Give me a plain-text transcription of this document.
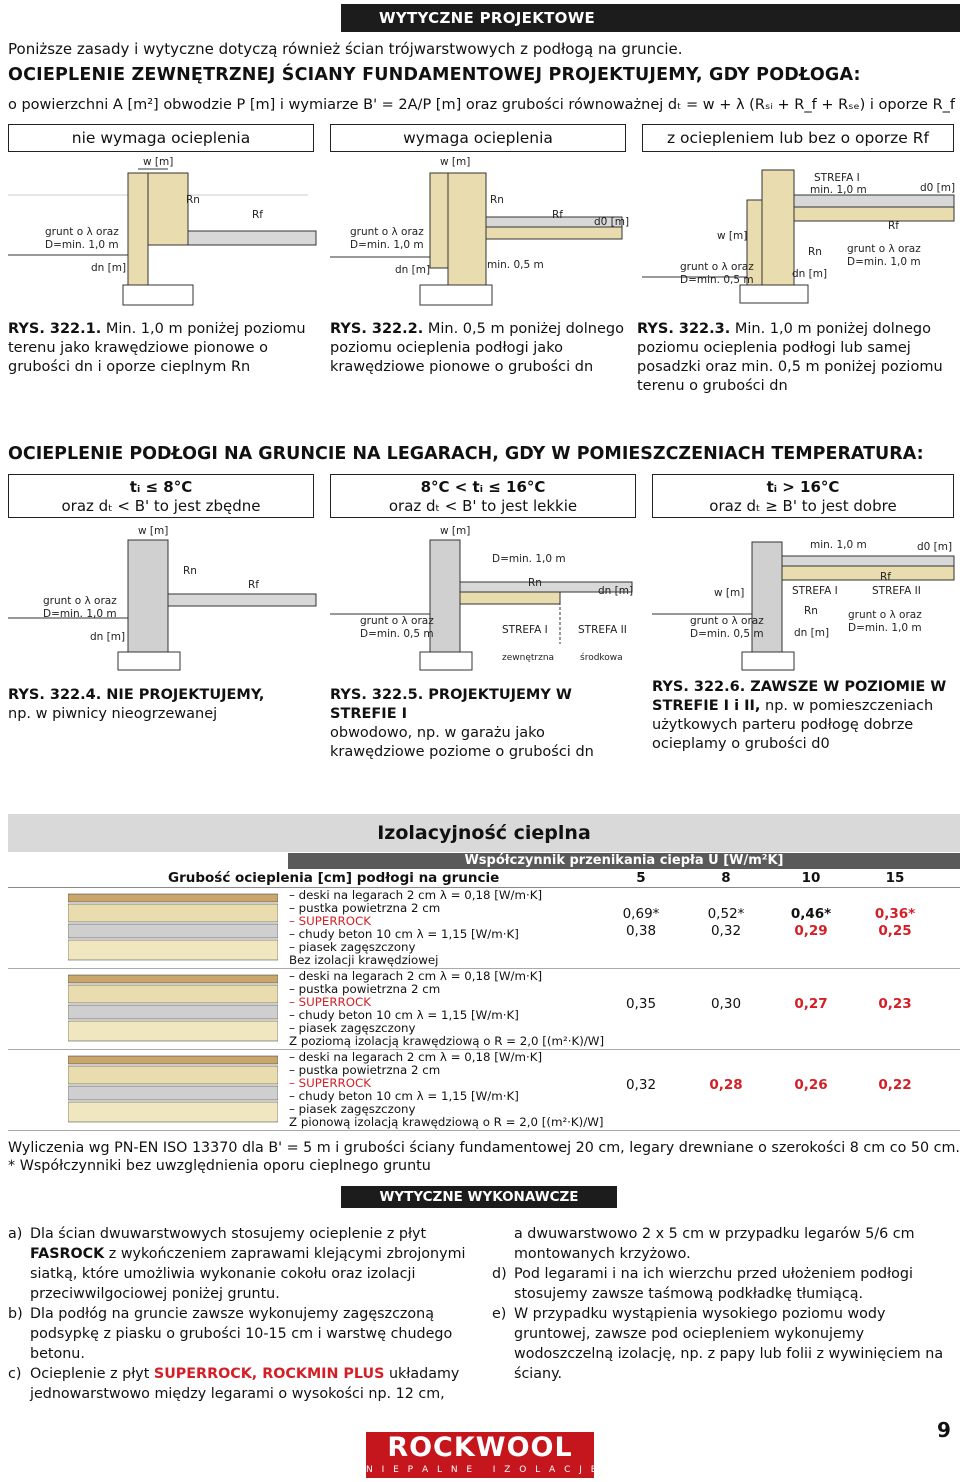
WYTYCZNE PROJEKTOWE
Poniższe zasady i wytyczne dotyczą również ścian trójwarstwowych z podłogą na gruncie.
OCIEPLENIE ZEWNĘTRZNEJ ŚCIANY FUNDAMENTOWEJ PROJEKTUJEMY, GDY PODŁOGA:
o powierzchni A [m²] obwodzie P [m] i wymiarze B' = 2A/P [m] oraz grubości równoważnej dₜ = w + λ (Rₛᵢ + R_f + Rₛₑ) i oporze R_f
nie wymaga ocieplenia	wymaga ocieplenia	z ociepleniem lub bez o oporze Rf
w [m]
Rn
Rf
grunt o λ oraz
D=min. 1,0 m
dn [m]
w [m]
Rn
Rf
d0 [m]
grunt o λ oraz
D=min. 1,0 m
dn [m]	min. 0,5 m
STREFA I
min. 1,0 m	d0 [m]
Rf
w [m]
Rn grunt o λ oraz
D=min. 1,0 m
grunt o λ oraz
D=min. 0,5 m	dn [m]
RYS. 322.1. Min. 1,0 m poniżej poziomu terenu jako krawędziowe pionowe o grubości dn i oporze cieplnym Rn
RYS. 322.2. Min. 0,5 m poniżej dolnego poziomu ocieplenia podłogi jako krawędziowe pionowe o grubości dn
RYS. 322.3. Min. 1,0 m poniżej dolnego poziomu ocieplenia podłogi lub samej posadzki oraz min. 0,5 m poniżej poziomu terenu o grubości dn
OCIEPLENIE PODŁOGI NA GRUNCIE NA LEGARACH, GDY W POMIESZCZENIACH TEMPERATURA:
tᵢ ≤ 8°C
oraz dₜ < B' to jest zbędne
8°C < tᵢ ≤ 16°C
oraz dₜ < B' to jest lekkie
tᵢ > 16°C
oraz dₜ ≥ B' to jest dobre
w [m]
Rn
Rf
grunt o λ oraz
D=min. 1,0 m
dn [m]
w [m]
D=min. 1,0 m
Rn
dn [m]
grunt o λ oraz
D=min. 0,5 m	STREFA I	STREFA II
zewnętrzna	środkowa
min. 1,0 m	d0 [m]
Rf
STREFA I	STREFA II
w [m]
Rn	grunt o λ oraz
D=min. 1,0 m
grunt o λ oraz
D=min. 0,5 m	dn [m]
RYS. 322.4. NIE PROJEKTUJEMY,
np. w piwnicy nieogrzewanej
RYS. 322.5. PROJEKTUJEMY W STREFIE I
obwodowo, np. w garażu jako krawędziowe poziome o grubości dn
RYS. 322.6. ZAWSZE W POZIOMIE W STREFIE I i II, np. w pomieszczeniach użytkowych parteru podłogę dobrze ocieplamy o grubości d0
Izolacyjność cieplna
Współczynnik przenikania ciepła U [W/m²K]
Grubość ocieplenia [cm] podłogi na gruncie	5	8	10	15
– deski na legarach 2 cm λ = 0,18 [W/m·K]
– pustka powietrzna 2 cm
– SUPERROCK
– chudy beton 10 cm λ = 1,15 [W/m·K]
– piasek zagęszczony
Bez izolacji krawędziowej
0,69*	0,52*	0,46*	0,36*
0,38	0,32	0,29	0,25
– deski na legarach 2 cm λ = 0,18 [W/m·K]
– pustka powietrzna 2 cm
– SUPERROCK
– chudy beton 10 cm λ = 1,15 [W/m·K]
– piasek zagęszczony
Z poziomą izolacją krawędziową o R = 2,0 [(m²·K)/W]
0,35	0,30	0,27	0,23
– deski na legarach 2 cm λ = 0,18 [W/m·K]
– pustka powietrzna 2 cm
– SUPERROCK
– chudy beton 10 cm λ = 1,15 [W/m·K]
– piasek zagęszczony
Z pionową izolacją krawędziową o R = 2,0 [(m²·K)/W]
0,32	0,28	0,26	0,22
Wyliczenia wg PN-EN ISO 13370 dla B' = 5 m i grubości ściany fundamentowej 20 cm, legary drewniane o szerokości 8 cm co 50 cm.
* Współczynniki bez uwzględnienia oporu cieplnego gruntu
WYTYCZNE WYKONAWCZE
a) Dla ścian dwuwarstwowych stosujemy ocieplenie z płyt FASROCK z wykończeniem zaprawami klejącymi zbrojonymi siatką, które umożliwia wykonanie cokołu oraz izolacji przeciwwilgociowej poniżej gruntu.
b) Dla podłóg na gruncie zawsze wykonujemy zagęszczoną podsypkę z piasku o grubości 10-15 cm i warstwę chudego betonu.
c) Ocieplenie z płyt SUPERROCK, ROCKMIN PLUS układamy jednowarstwowo między legarami o wysokości np. 12 cm,
a dwuwarstwowo 2 x 5 cm w przypadku legarów 5/6 cm montowanych krzyżowo.
d) Pod legarami i na ich wierzchu przed ułożeniem podłogi stosujemy zawsze taśmową podkładkę tłumiącą.
e) W przypadku wystąpienia wysokiego poziomu wody gruntowej, zawsze pod ociepleniem wykonujemy wodoszczelną izolację, np. z papy lub folii z wywinięciem na ściany.
9
ROCKWOOL
N I E P A L N E   I Z O L A C J E
